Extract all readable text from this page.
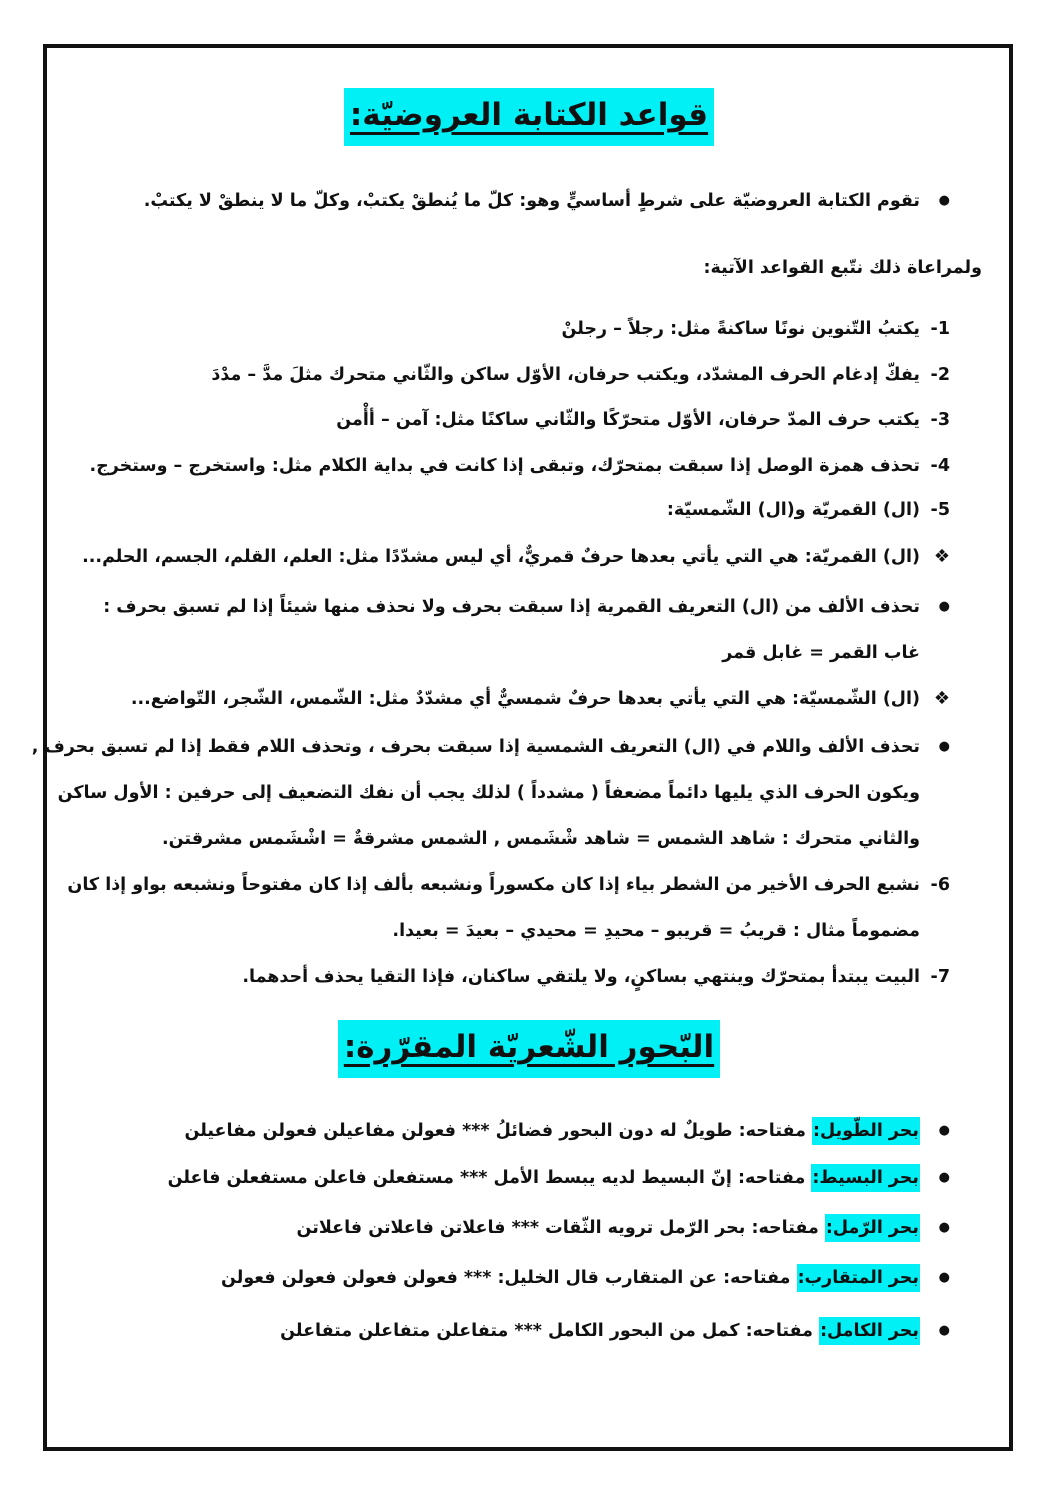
قواعد الكتابة العروضيّة:
●
تقوم الكتابة العروضيّة على شرطٍ أساسيٍّ وهو: كلّ ما يُنطقْ يكتبْ، وكلّ ما لا ينطقْ لا يكتبْ.
ولمراعاة ذلك نتّبع القواعد الآتية:
1-
يكتبُ التّنوين نونًا ساكنةً مثل: رجلاً – رجلنْ
2-
يفكّ إدغام الحرف المشدّد، ويكتب حرفان، الأوّل ساكن والثّاني متحرك مثلَ مدَّ – مدْدَ
3-
يكتب حرف المدّ حرفان، الأوّل متحرّكًا والثّاني ساكنًا مثل: آمن – أأْمن
4-
تحذف همزة الوصل إذا سبقت بمتحرّك، وتبقى إذا كانت في بداية الكلام مثل: واستخرج – وستخرج.
5-
(ال) القمريّة و(ال) الشّمسيّة:
❖
(ال) القمريّة: هي التي يأتي بعدها حرفٌ قمريٌّ، أي ليس مشدّدًا مثل: العلم، القلم، الجسم، الحلم...
●
تحذف الألف من (ال) التعريف القمرية إذا سبقت بحرف ولا نحذف منها شيئاً إذا لم تسبق بحرف :
غاب القمر = غابل قمر
❖
(ال) الشّمسيّة: هي التي يأتي بعدها حرفٌ شمسيٌّ أي مشدّدٌ مثل: الشّمس، الشّجر، التّواضع...
●
تحذف الألف واللام في (ال) التعريف الشمسية إذا سبقت بحرف ، وتحذف اللام فقط إذا لم تسبق بحرف ,
ويكون الحرف الذي يليها دائماً مضعفاً ( مشدداً ) لذلك يجب أن نفك التضعيف إلى حرفين : الأول ساكن
والثاني متحرك : شاهد الشمس = شاهد شْشَمس , الشمس مشرقةٌ = اشْشَمس مشرقتن.
6-
نشبع الحرف الأخير من الشطر بياء إذا كان مكسوراً ونشبعه بألف إذا كان مفتوحاً ونشبعه بواو إذا كان
مضموماً مثال : قريبُ = قريبو – محيدِ = محيدي – بعيدَ = بعيدا.
7-
البيت يبتدأ بمتحرّك وينتهي بساكنٍ، ولا يلتقي ساكنان، فإذا التقيا يحذف أحدهما.
البّحور الشّعريّة المقرّرة:
●
بحر الطّويل: مفتاحه: طويلٌ له دون البحور فضائلُ *** فعولن مفاعيلن فعولن مفاعيلن
●
بحر البسيط: مفتاحه: إنّ البسيط لديه يبسط الأمل *** مستفعلن فاعلن مستفعلن فاعلن
●
بحر الرّمل: مفتاحه: بحر الرّمل ترويه الثّقات *** فاعلاتن فاعلاتن فاعلاتن
●
بحر المتقارب: مفتاحه: عن المتقارب قال الخليل: *** فعولن فعولن فعولن فعولن
●
بحر الكامل: مفتاحه: كمل من البحور الكامل *** متفاعلن متفاعلن متفاعلن
